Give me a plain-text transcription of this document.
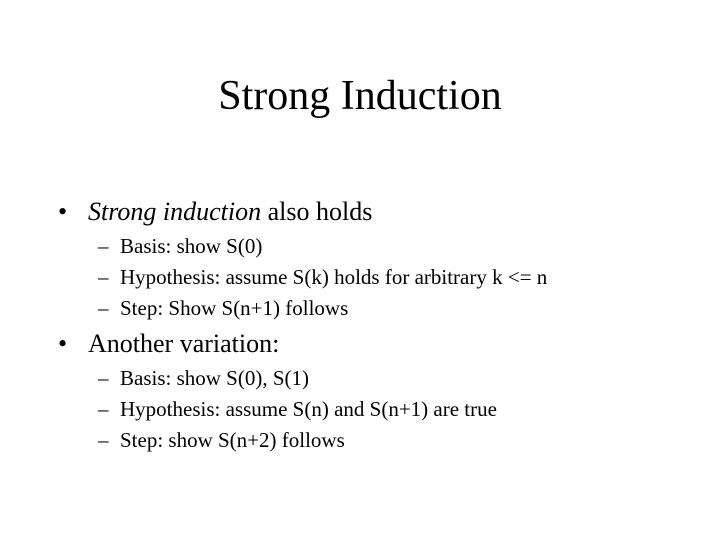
Strong Induction
• Strong induction also holds
– Basis: show S(0)
– Hypothesis: assume S(k) holds for arbitrary k <= n
– Step: Show S(n+1) follows
• Another variation:
– Basis: show S(0), S(1)
– Hypothesis: assume S(n) and S(n+1) are true
– Step: show S(n+2) follows
